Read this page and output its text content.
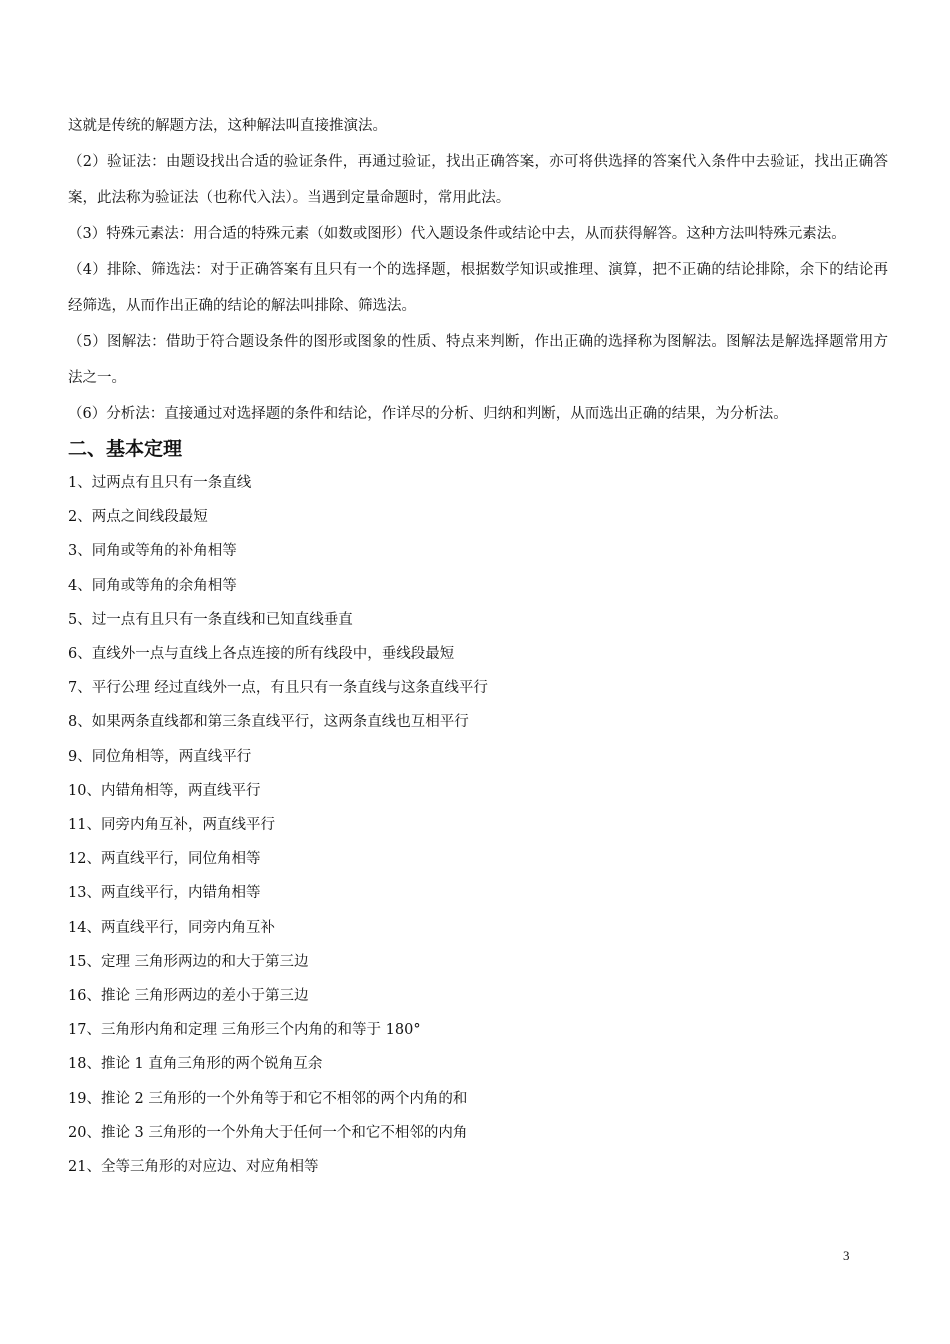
这就是传统的解题方法，这种解法叫直接推演法。

（2）验证法：由题设找出合适的验证条件，再通过验证，找出正确答案，亦可将供选择的答案代入条件中去验证，找出正确答案，此法称为验证法（也称代入法）。当遇到定量命题时，常用此法。

（3）特殊元素法：用合适的特殊元素（如数或图形）代入题设条件或结论中去，从而获得解答。这种方法叫特殊元素法。

（4）排除、筛选法：对于正确答案有且只有一个的选择题，根据数学知识或推理、演算，把不正确的结论排除，余下的结论再经筛选，从而作出正确的结论的解法叫排除、筛选法。

（5）图解法：借助于符合题设条件的图形或图象的性质、特点来判断，作出正确的选择称为图解法。图解法是解选择题常用方法之一。

（6）分析法：直接通过对选择题的条件和结论，作详尽的分析、归纳和判断，从而选出正确的结果，为分析法。

二、基本定理
1、过两点有且只有一条直线
2、两点之间线段最短
3、同角或等角的补角相等
4、同角或等角的余角相等
5、过一点有且只有一条直线和已知直线垂直
6、直线外一点与直线上各点连接的所有线段中，垂线段最短
7、平行公理 经过直线外一点，有且只有一条直线与这条直线平行
8、如果两条直线都和第三条直线平行，这两条直线也互相平行
9、同位角相等，两直线平行
10、内错角相等，两直线平行
11、同旁内角互补，两直线平行
12、两直线平行，同位角相等
13、两直线平行，内错角相等
14、两直线平行，同旁内角互补
15、定理 三角形两边的和大于第三边
16、推论 三角形两边的差小于第三边
17、三角形内角和定理 三角形三个内角的和等于 180°
18、推论 1 直角三角形的两个锐角互余
19、推论 2 三角形的一个外角等于和它不相邻的两个内角的和
20、推论 3 三角形的一个外角大于任何一个和它不相邻的内角
21、全等三角形的对应边、对应角相等
3
